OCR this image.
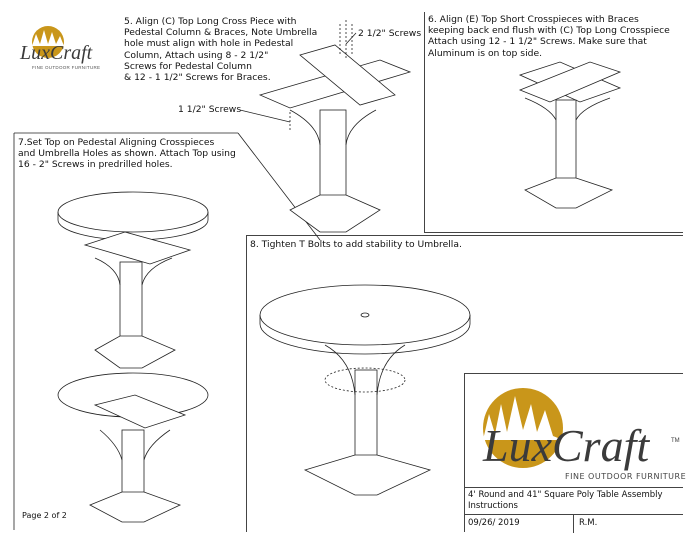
LuxCraft
FINE OUTDOOR FURNITURE
5. Align (C) Top Long Cross Piece with
Pedestal Column & Braces, Note Umbrella
hole must align with hole in Pedestal
Column, Attach using 8 - 2 1/2"
Screws for Pedestal Column
& 12 - 1 1/2" Screws for Braces.
2 1/2" Screws
1 1/2" Screws
6. Align (E) Top Short Crosspieces with Braces
keeping back end flush with (C) Top Long Crosspiece
Attach using 12 - 1 1/2" Screws. Make sure that
Aluminum is on top side.
7.Set Top on Pedestal Aligning Crosspieces
and Umbrella Holes as shown. Attach Top using
16 - 2" Screws in predrilled holes.
8. Tighten T Bolts to add stability to Umbrella.
LuxCraft	TM
FINE OUTDOOR FURNITURE
4' Round and 41" Square Poly Table Assembly
Instructions
09/26/ 2019	R.M.
Page 2 of 2
